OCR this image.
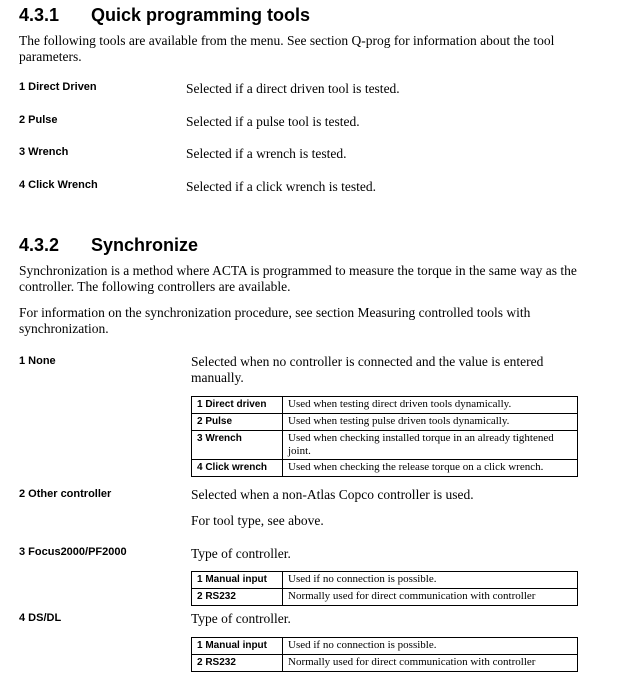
4.3.1 Quick programming tools
The following tools are available from the menu. See section Q-prog for information about the tool parameters.
1 Direct Driven	Selected if a direct driven tool is tested.
2 Pulse	Selected if a pulse tool is tested.
3 Wrench	Selected if a wrench is tested.
4 Click Wrench	Selected if a click wrench is tested.
4.3.2 Synchronize
Synchronization is a method where ACTA is programmed to measure the torque in the same way as the controller. The following controllers are available.
For information on the synchronization procedure, see section Measuring controlled tools with synchronization.
1 None	Selected when no controller is connected and the value is entered manually.
1 Direct driven	Used when testing direct driven tools dynamically.
2 Pulse	Used when testing pulse driven tools dynamically.
3 Wrench	Used when checking installed torque in an already tightened joint.
4 Click wrench	Used when checking the release torque on a click wrench.
2 Other controller	Selected when a non-Atlas Copco controller is used.
For tool type, see above.
3 Focus2000/PF2000	Type of controller.
1 Manual input	Used if no connection is possible.
2 RS232	Normally used for direct communication with controller
4 DS/DL	Type of controller.
1 Manual input	Used if no connection is possible.
2 RS232	Normally used for direct communication with controller
